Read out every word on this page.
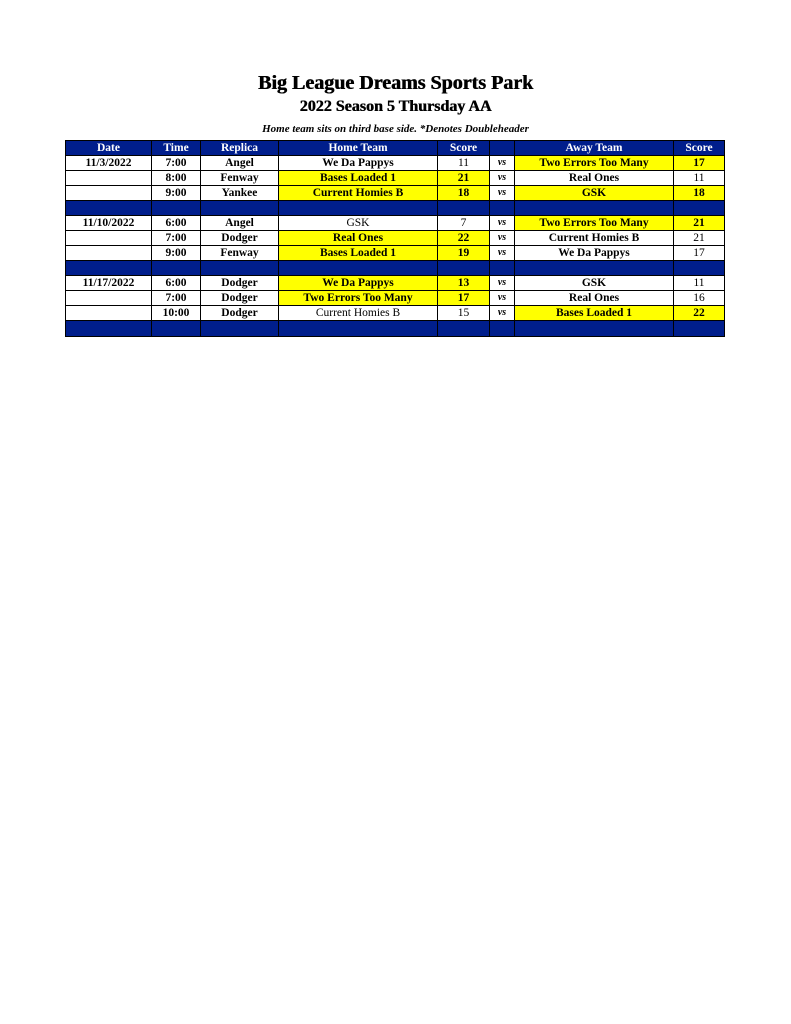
Big League Dreams Sports Park
2022 Season 5 Thursday AA
Home team sits on third base side. *Denotes Doubleheader
Date	Time	Replica	Home Team	Score		Away Team	Score
11/3/2022	7:00	Angel	We Da Pappys	11	vs	Two Errors Too Many	17
	8:00	Fenway	Bases Loaded 1	21	vs	Real Ones	11
	9:00	Yankee	Current Homies B	18	vs	GSK	18

11/10/2022	6:00	Angel	GSK	7	vs	Two Errors Too Many	21
	7:00	Dodger	Real Ones	22	vs	Current Homies B	21
	9:00	Fenway	Bases Loaded 1	19	vs	We Da Pappys	17

11/17/2022	6:00	Dodger	We Da Pappys	13	vs	GSK	11
	7:00	Dodger	Two Errors Too Many	17	vs	Real Ones	16
	10:00	Dodger	Current Homies B	15	vs	Bases Loaded 1	22
